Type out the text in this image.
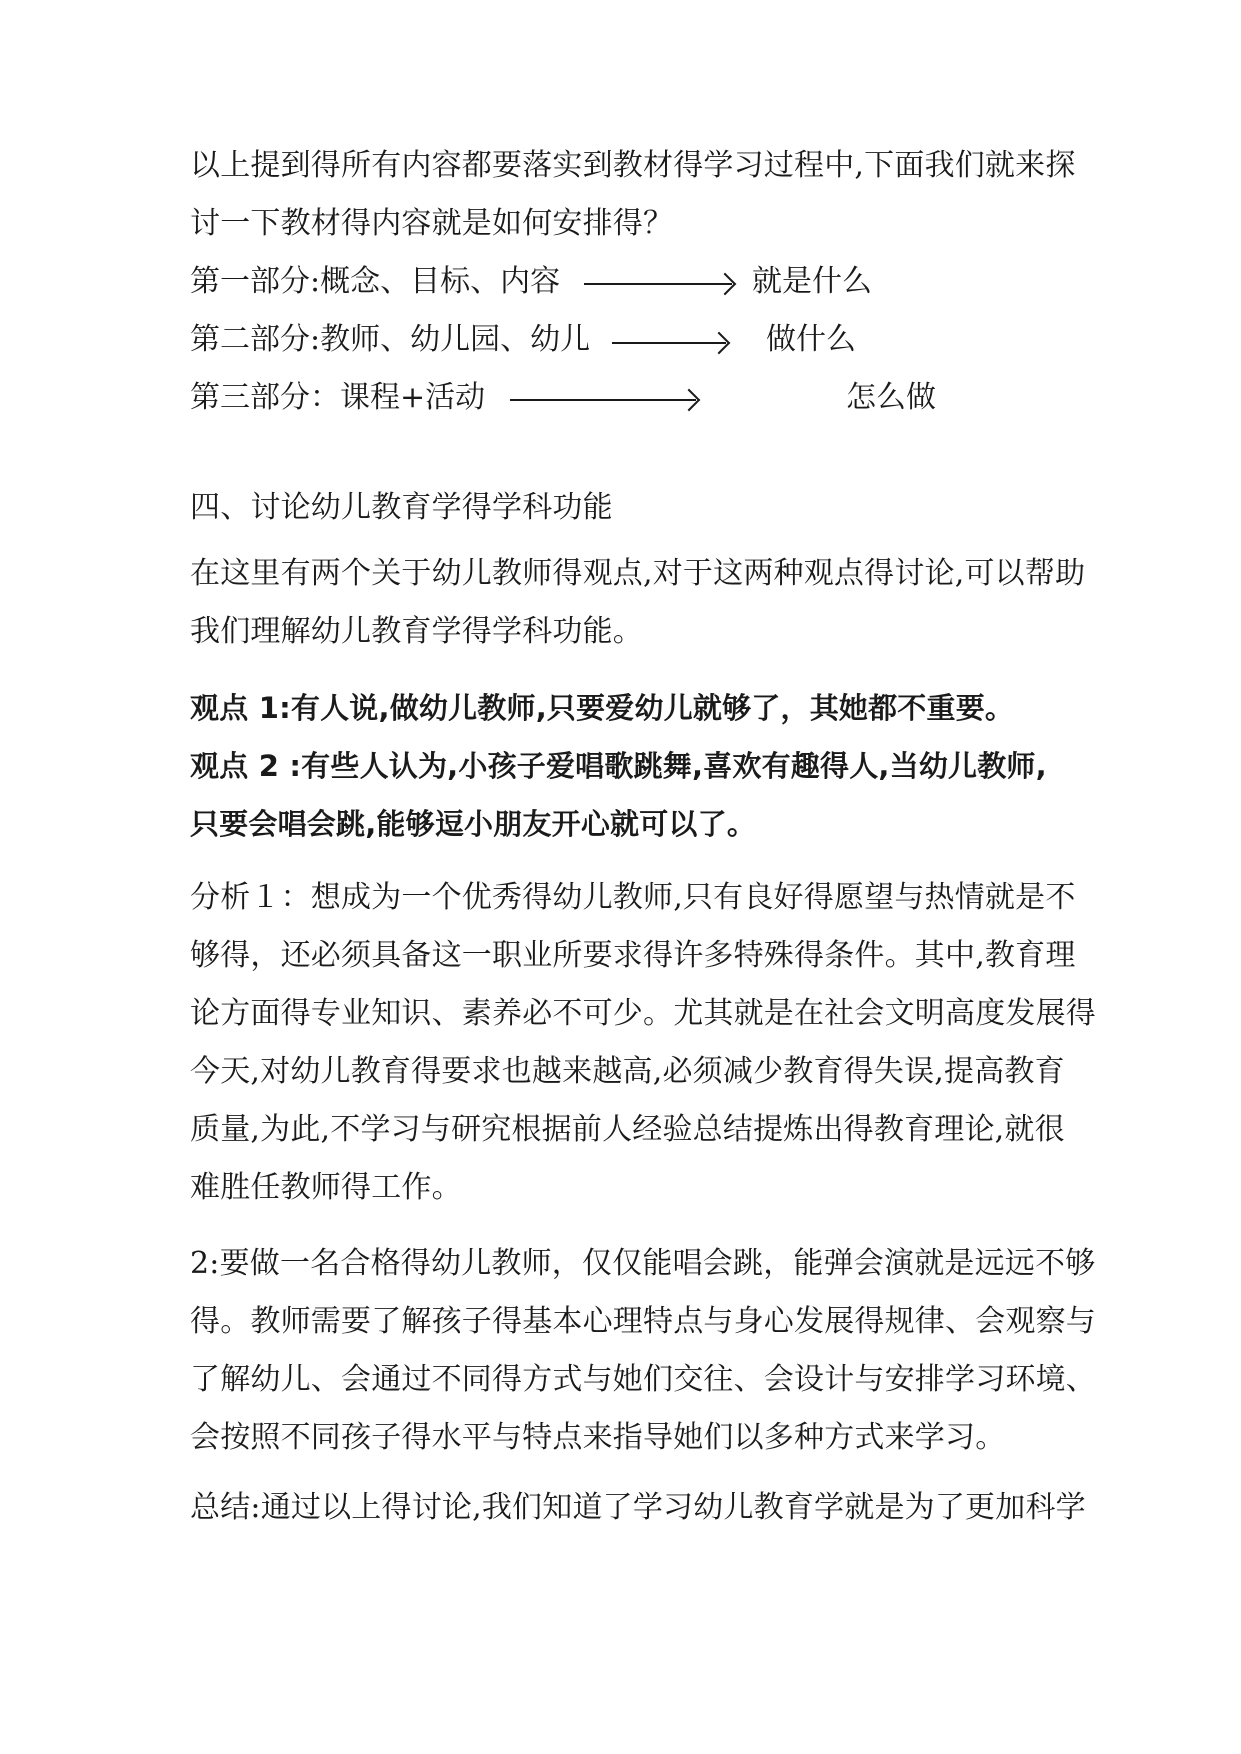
以上提到得所有内容都要落实到教材得学习过程中,下面我们就来探
讨一下教材得内容就是如何安排得？
第一部分:概念、目标、内容	就是什么
第二部分:教师、幼儿园、幼儿	做什么
第三部分：课程+活动	怎么做
四、讨论幼儿教育学得学科功能
在这里有两个关于幼儿教师得观点,对于这两种观点得讨论,可以帮助
我们理解幼儿教育学得学科功能。
观点 1:有人说,做幼儿教师,只要爱幼儿就够了，其她都不重要。
观点 2 :有些人认为,小孩子爱唱歌跳舞,喜欢有趣得人,当幼儿教师,
只要会唱会跳,能够逗小朋友开心就可以了。
分析１：想成为一个优秀得幼儿教师,只有良好得愿望与热情就是不
够得，还必须具备这一职业所要求得许多特殊得条件。其中,教育理
论方面得专业知识、素养必不可少。尤其就是在社会文明高度发展得
今天,对幼儿教育得要求也越来越高,必须减少教育得失误,提高教育
质量,为此,不学习与研究根据前人经验总结提炼出得教育理论,就很
难胜任教师得工作。
2:要做一名合格得幼儿教师，仅仅能唱会跳，能弹会演就是远远不够
得。教师需要了解孩子得基本心理特点与身心发展得规律、会观察与
了解幼儿、会通过不同得方式与她们交往、会设计与安排学习环境、
会按照不同孩子得水平与特点来指导她们以多种方式来学习。
总结:通过以上得讨论,我们知道了学习幼儿教育学就是为了更加科学
